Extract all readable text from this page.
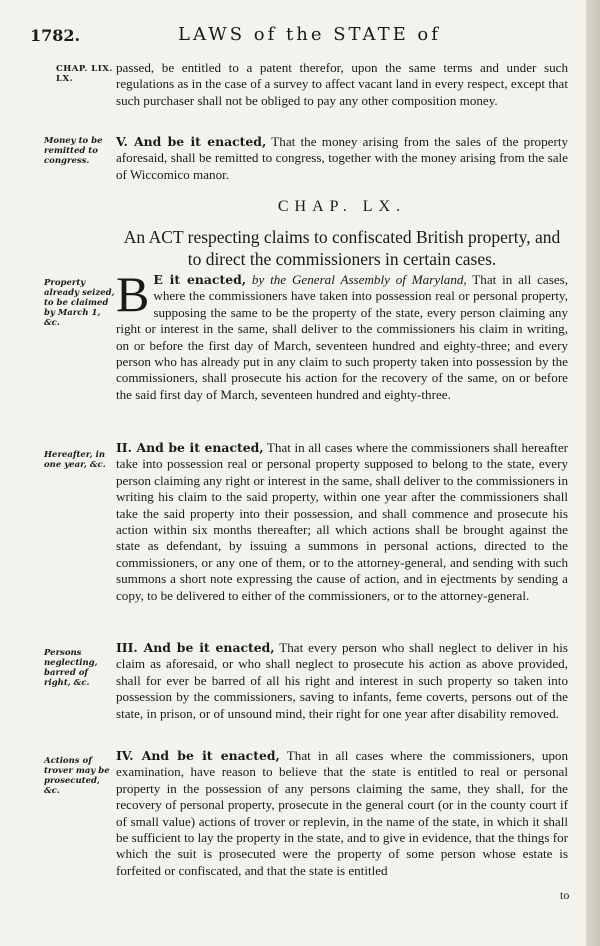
1782.	LAWS of the STATE of
CHAP. LIX. LX.
passed, be entitled to a patent therefor, upon the same terms and under such regulations as in the case of a survey to affect vacant land in every respect, except that such purchaser shall not be obliged to pay any other composition money.
Money to be remitted to congress.
V. And be it enacted, That the money arising from the sales of the property aforesaid, shall be remitted to congress, together with the money arising from the sale of Wiccomico manor.
CHAP. LX.
An ACT respecting claims to confiscated British property, and to direct the commissioners in certain cases.
Property already seized, to be claimed by March 1, &c.
B E it enacted, by the General Assembly of Maryland, That in all cases, where the commissioners have taken into possession real or personal property, supposing the same to be the property of the state, every person claiming any right or interest in the same, shall deliver to the commissioners his claim in writing, on or before the first day of March, seventeen hundred and eighty-three; and every person who has already put in any claim to such property taken into possession by the commissioners, shall prosecute his action for the recovery of the same, on or before the said first day of March, seventeen hundred and eighty-three.
Hereafter, in one year, &c.
II. And be it enacted, That in all cases where the commissioners shall hereafter take into possession real or personal property supposed to belong to the state, every person claiming any right or interest in the same, shall deliver to the commissioners in writing his claim to the said property, within one year after the commissioners shall take the said property into their possession, and shall commence and prosecute his action within six months thereafter; all which actions shall be brought against the state as defendant, by issuing a summons in personal actions, directed to the commissioners, or any one of them, or to the attorney-general, and sending with such summons a short note expressing the cause of action, and in ejectments by sending a copy, to be delivered to either of the commissioners, or to the attorney-general.
Persons neglecting, barred of right, &c.
III. And be it enacted, That every person who shall neglect to deliver in his claim as aforesaid, or who shall neglect to prosecute his action as above provided, shall for ever be barred of all his right and interest in such property so taken into possession by the commissioners, saving to infants, feme coverts, persons out of the state, in prison, or of unsound mind, their right for one year after disability removed.
Actions of trover may be prosecuted, &c.
IV. And be it enacted, That in all cases where the commissioners, upon examination, have reason to believe that the state is entitled to real or personal property in the possession of any persons claiming the same, they shall, for the recovery of personal property, prosecute in the general court (or in the county court if of small value) actions of trover or replevin, in the name of the state, in which it shall be sufficient to lay the property in the state, and to give in evidence, that the things for which the suit is prosecuted were the property of some person whose estate is forfeited or confiscated, and that the state is entitled
to
